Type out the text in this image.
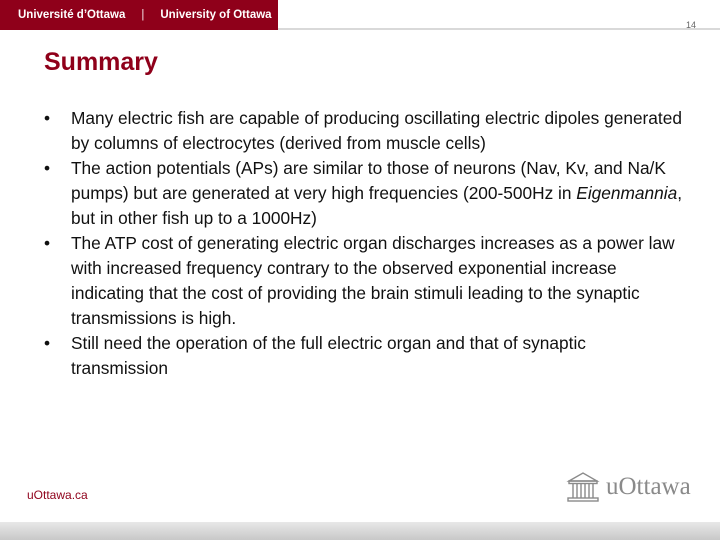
Université d’Ottawa | University of Ottawa
14
Summary
• Many electric fish are capable of producing oscillating electric dipoles generated by columns of electrocytes (derived from muscle cells)
• The action potentials (APs) are similar to those of neurons (Nav, Kv, and Na/K pumps) but are generated at very high frequencies (200-500Hz in Eigenmannia, but in other fish up to a 1000Hz)
• The ATP cost of generating electric organ discharges increases as a power law with increased frequency contrary to the observed exponential increase indicating that the cost of providing the brain stimuli leading to the synaptic transmissions is high.
• Still need the operation of the full electric organ and that of synaptic transmission
uOttawa.ca	uOttawa
